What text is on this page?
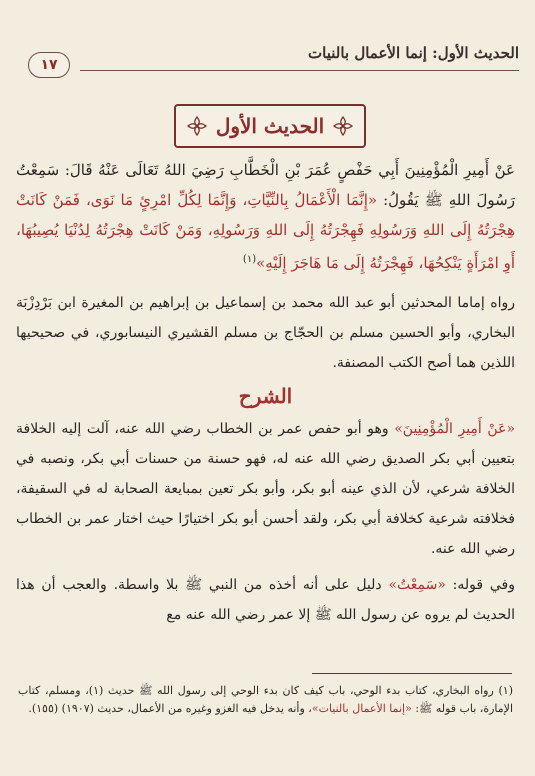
الحديث الأول: إنما الأعمال بالنيات
١٧
الحديث الأول

عَنْ أَمِيرِ الْمُؤْمِنِينَ أَبِي حَفْصٍ عُمَرَ بْنِ الْخَطَّابِ رَضِيَ اللهُ تَعَالَى عَنْهُ قَالَ: سَمِعْتُ رَسُولَ اللهِ ﷺ يَقُولُ: «إِنَّمَا الْأَعْمَالُ بِالنِّيَّاتِ، وَإِنَّمَا لِكُلِّ امْرِئٍ مَا نَوَى، فَمَنْ كَانَتْ هِجْرَتُهُ إِلَى اللهِ وَرَسُولِهِ فَهِجْرَتُهُ إِلَى اللهِ وَرَسُولِهِ، وَمَنْ كَانَتْ هِجْرَتُهُ لِدُنْيَا يُصِيبُهَا، أَوِ امْرَأَةٍ يَنْكِحُهَا، فَهِجْرَتُهُ إِلَى مَا هَاجَرَ إِلَيْهِ»$^{(١)}$

رواه إماما المحدثين أبو عبد الله محمد بن إسماعيل بن إبراهيم بن المغيرة ابن بَرْدِزْبَة البخاري، وأبو الحسين مسلم بن الحجّاج بن مسلم القشيري النيسابوري، في صحيحيها اللذين هما أصح الكتب المصنفة.

الشرح

«عَنْ أَمِيرِ الْمُؤْمِنِينَ» وهو أبو حفص عمر بن الخطاب رضي الله عنه، آلت إليه الخلافة بتعيين أبي بكر الصديق رضي الله عنه له، فهو حسنة من حسنات أبي بكر، ونصبه في الخلافة شرعي، لأن الذي عينه أبو بكر، وأبو بكر تعين بمبايعة الصحابة له في السقيفة، فخلافته شرعية كخلافة أبي بكر، ولقد أحسن أبو بكر اختيارًا حيث اختار عمر بن الخطاب رضي الله عنه.

وفي قوله: «سَمِعْتُ» دليل على أنه أخذه من النبي ﷺ بلا واسطة. والعجب أن هذا الحديث لم يروه عن رسول الله ﷺ إلا عمر رضي الله عنه مع

(١) رواه البخاري، كتاب بدء الوحي، باب كيف كان بدء الوحي إلى رسول الله ﷺ حديث (١)، ومسلم، كتاب الإمارة، باب قوله ﷺ: «إنما الأعمال بالنيات»، وأنه يدخل فيه الغزو وغيره من الأعمال، حديث (١٩٠٧) (١٥٥).
